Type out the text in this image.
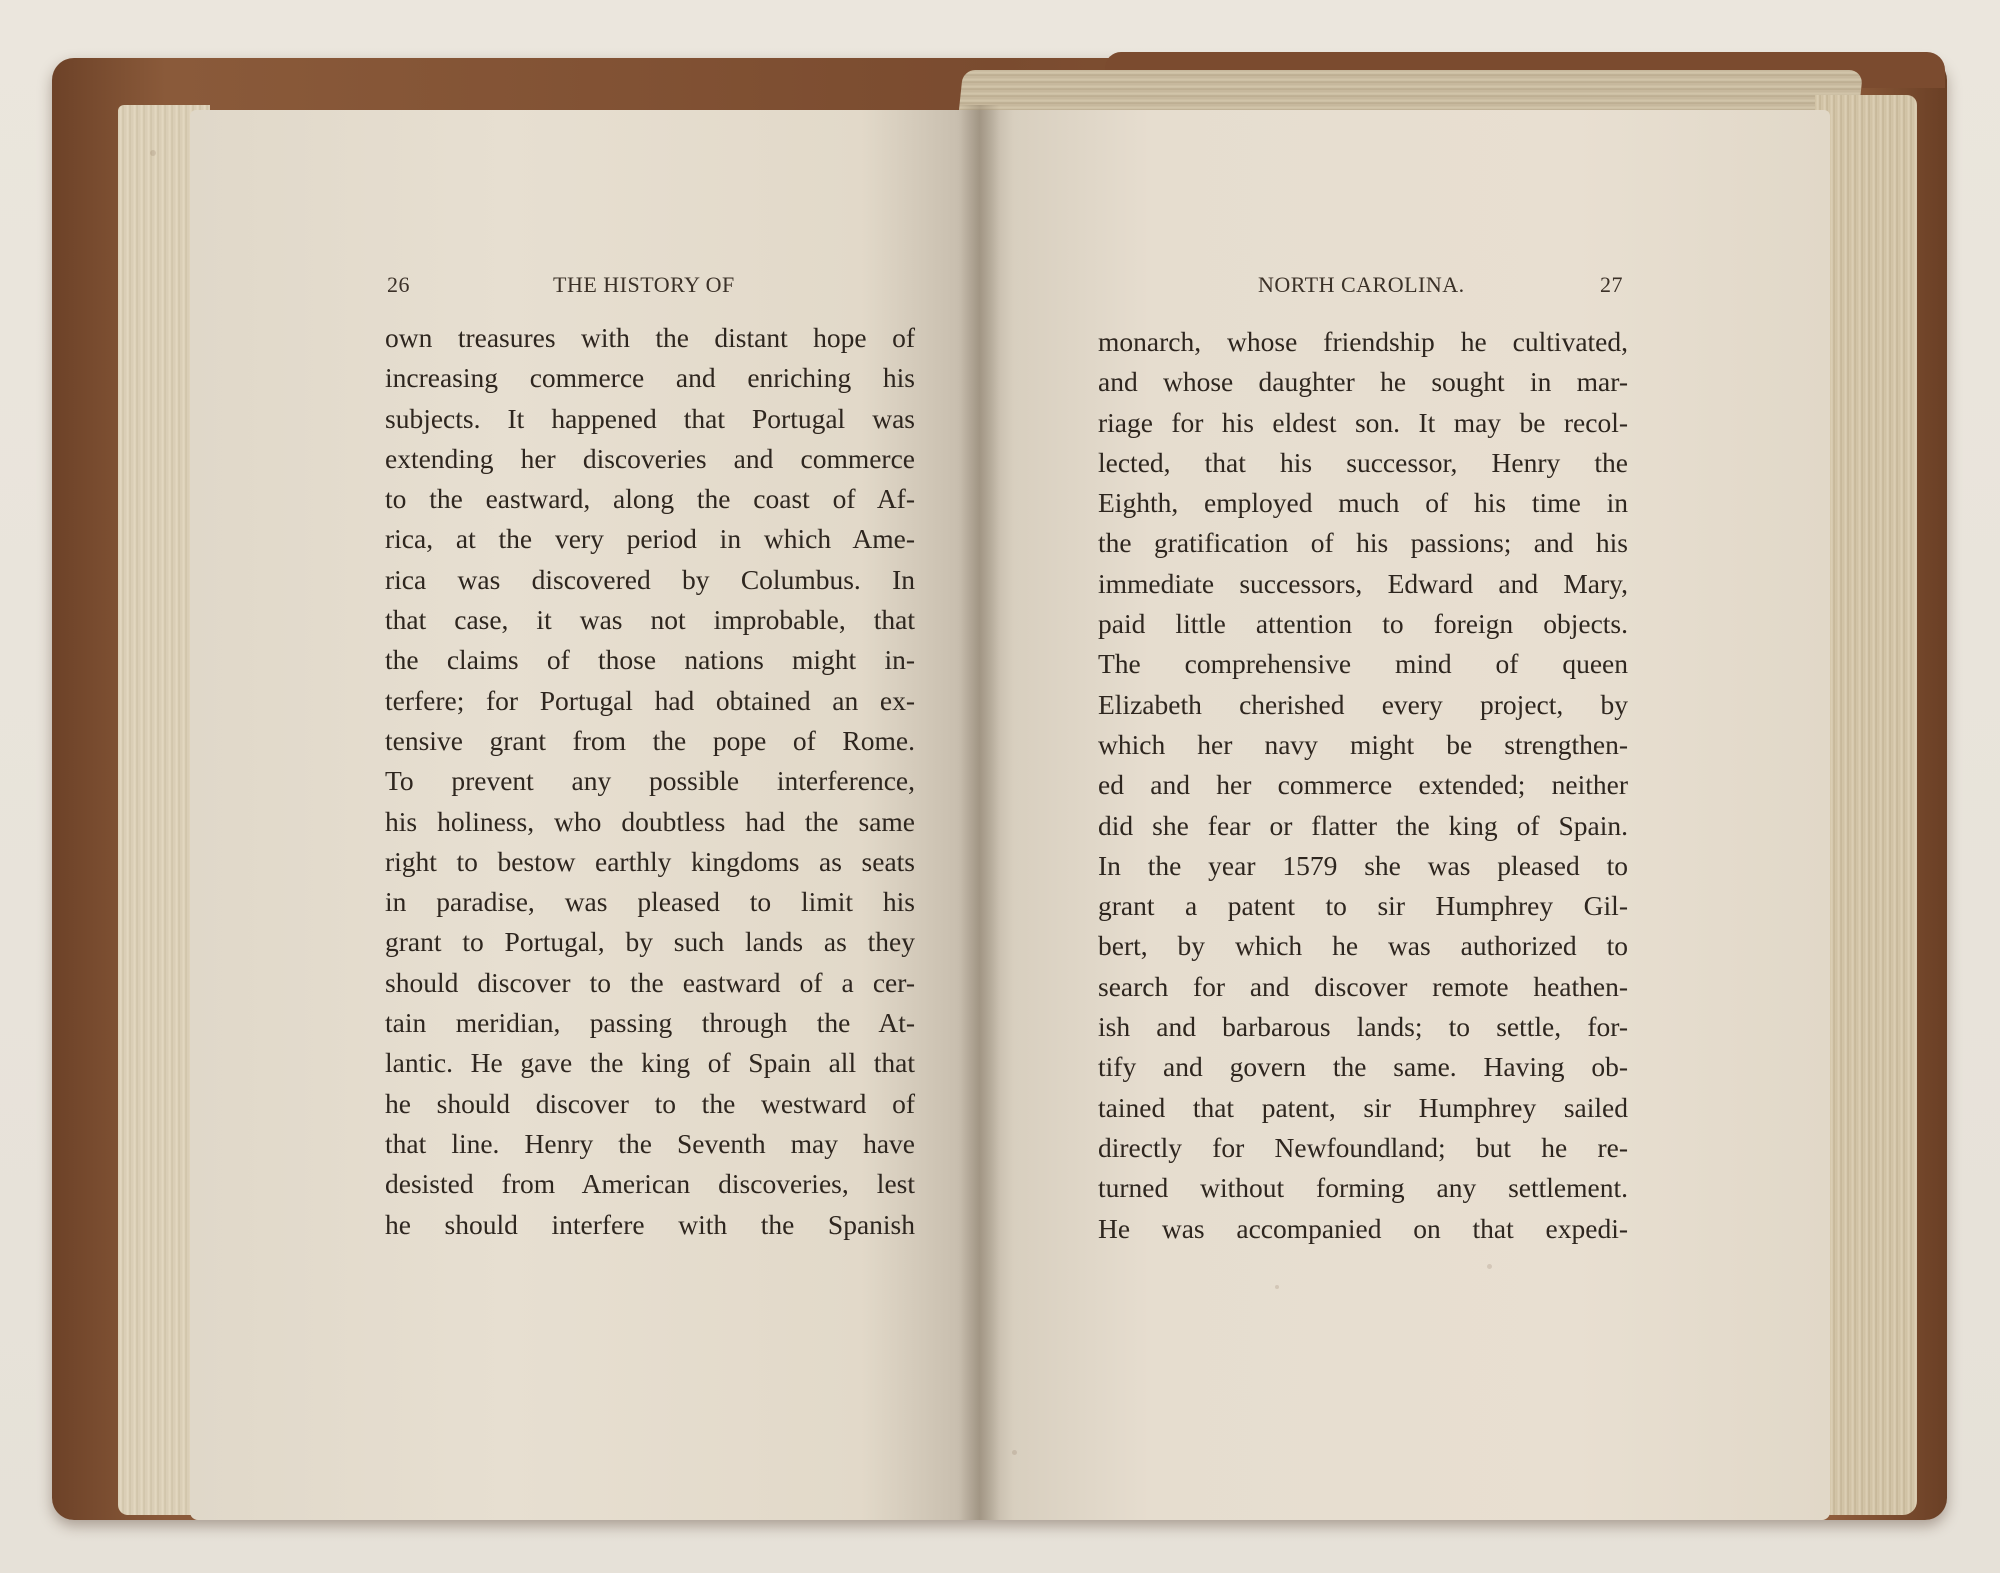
26	THE HISTORY OF
own treasures with the distant hope of
increasing commerce and enriching his
subjects. It happened that Portugal was
extending her discoveries and commerce
to the eastward, along the coast of Af-
rica, at the very period in which Ame-
rica was discovered by Columbus. In
that case, it was not improbable, that
the claims of those nations might in-
terfere; for Portugal had obtained an ex-
tensive grant from the pope of Rome.
To prevent any possible interference,
his holiness, who doubtless had the same
right to bestow earthly kingdoms as seats
in paradise, was pleased to limit his
grant to Portugal, by such lands as they
should discover to the eastward of a cer-
tain meridian, passing through the At-
lantic. He gave the king of Spain all that
he should discover to the westward of
that line. Henry the Seventh may have
desisted from American discoveries, lest
he should interfere with the Spanish
NORTH CAROLINA.	27
monarch, whose friendship he cultivated,
and whose daughter he sought in mar-
riage for his eldest son. It may be recol-
lected, that his successor, Henry the
Eighth, employed much of his time in
the gratification of his passions; and his
immediate successors, Edward and Mary,
paid little attention to foreign objects.
The comprehensive mind of queen
Elizabeth cherished every project, by
which her navy might be strengthen-
ed and her commerce extended; neither
did she fear or flatter the king of Spain.
In the year 1579 she was pleased to
grant a patent to sir Humphrey Gil-
bert, by which he was authorized to
search for and discover remote heathen-
ish and barbarous lands; to settle, for-
tify and govern the same. Having ob-
tained that patent, sir Humphrey sailed
directly for Newfoundland; but he re-
turned without forming any settlement.
He was accompanied on that expedi-
